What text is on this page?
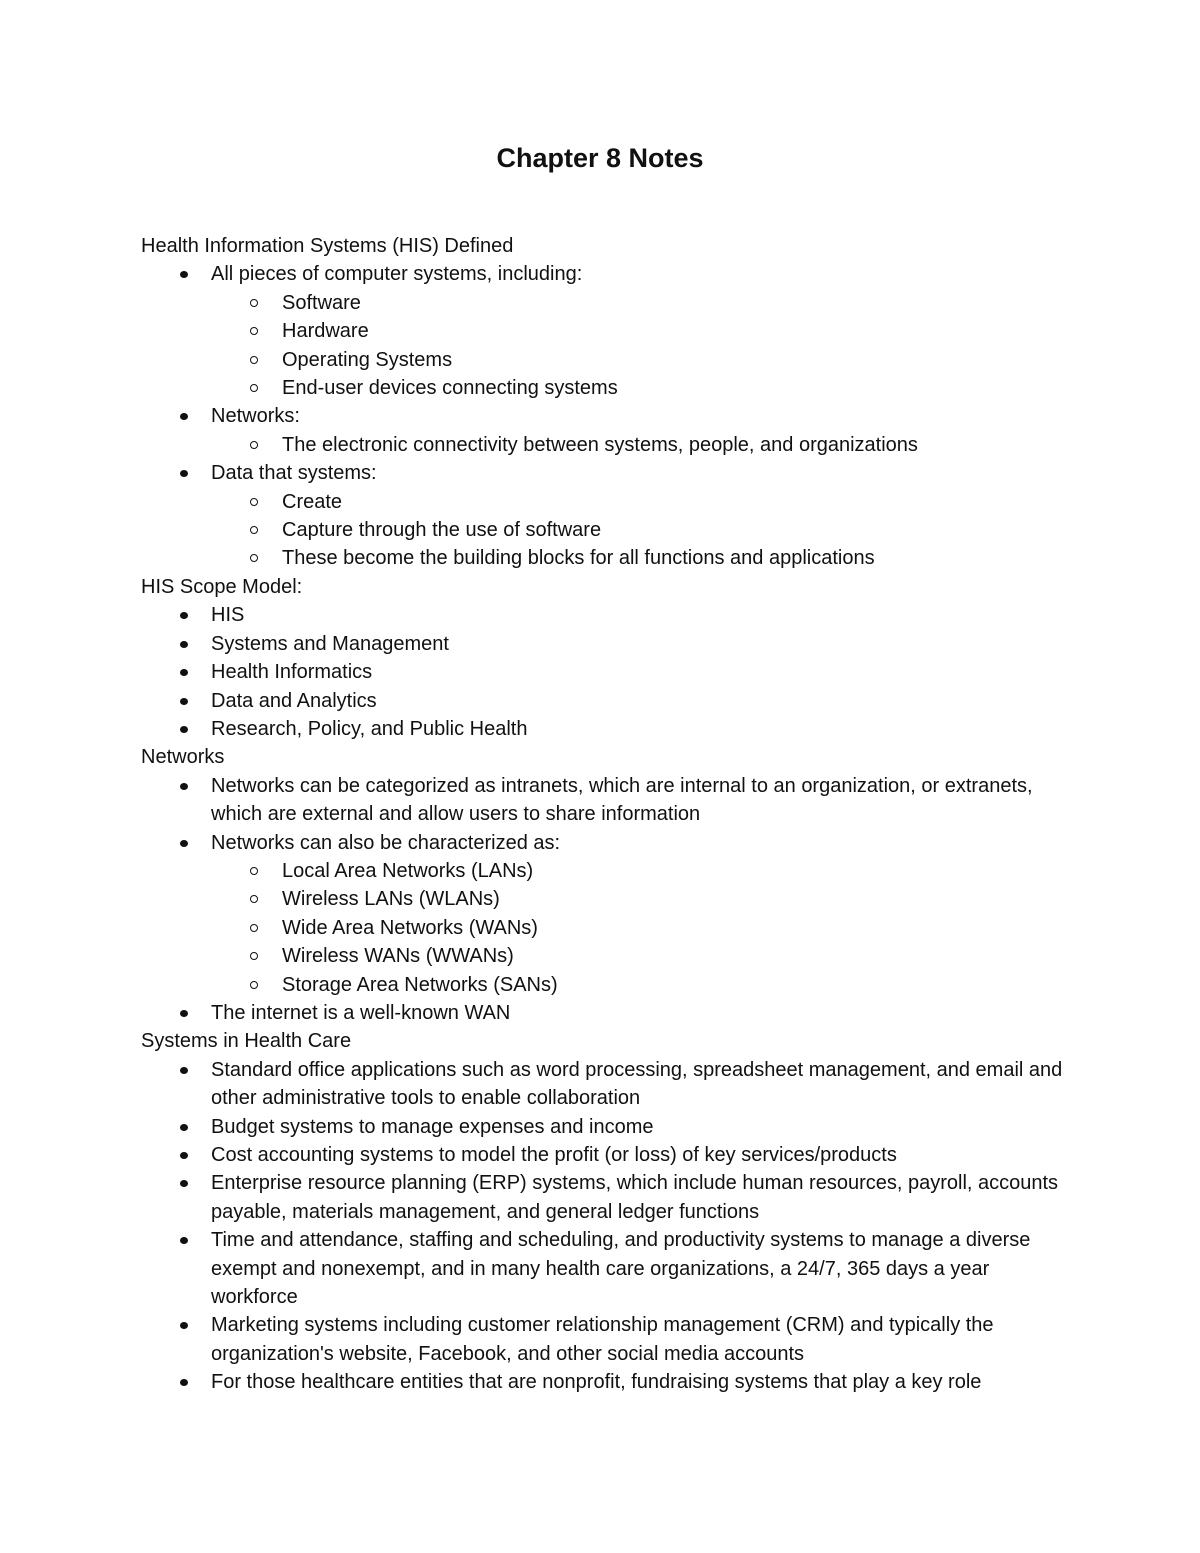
Chapter 8 Notes

Health Information Systems (HIS) Defined

All pieces of computer systems, including:
Software
Hardware
Operating Systems
End-user devices connecting systems
Networks:
The electronic connectivity between systems, people, and organizations
Data that systems:
Create
Capture through the use of software
These become the building blocks for all functions and applications

HIS Scope Model:

HIS
Systems and Management
Health Informatics
Data and Analytics
Research, Policy, and Public Health

Networks

Networks can be categorized as intranets, which are internal to an organization, or extranets, which are external and allow users to share information
Networks can also be characterized as:
Local Area Networks (LANs)
Wireless LANs (WLANs)
Wide Area Networks (WANs)
Wireless WANs (WWANs)
Storage Area Networks (SANs)
The internet is a well-known WAN

Systems in Health Care

Standard office applications such as word processing, spreadsheet management, and email and other administrative tools to enable collaboration
Budget systems to manage expenses and income
Cost accounting systems to model the profit (or loss) of key services/products
Enterprise resource planning (ERP) systems, which include human resources, payroll, accounts payable, materials management, and general ledger functions
Time and attendance, staffing and scheduling, and productivity systems to manage a diverse exempt and nonexempt, and in many health care organizations, a 24/7, 365 days a year workforce
Marketing systems including customer relationship management (CRM) and typically the organization's website, Facebook, and other social media accounts
For those healthcare entities that are nonprofit, fundraising systems that play a key role
